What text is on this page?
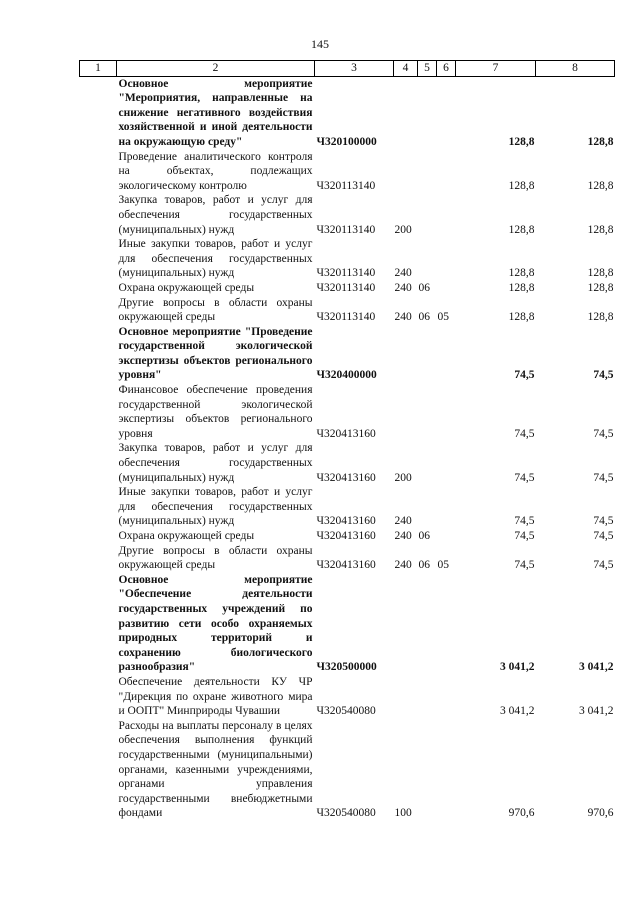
145
1	2	3	4	5	6	7	8
	Основное мероприятие "Мероприятия, направленные на снижение негативного воздействия хозяйственной и иной деятельности на окружающую среду"	Ч320100000				128,8	128,8
	Проведение аналитического контроля на объектах, подлежащих экологическому контролю	Ч320113140				128,8	128,8
	Закупка товаров, работ и услуг для обеспечения государственных (муниципальных) нужд	Ч320113140	200			128,8	128,8
	Иные закупки товаров, работ и услуг для обеспечения государственных (муниципальных) нужд	Ч320113140	240			128,8	128,8
	Охрана окружающей среды	Ч320113140	240	06		128,8	128,8
	Другие вопросы в области охраны окружающей среды	Ч320113140	240	06	05	128,8	128,8
	Основное мероприятие "Проведение государственной экологической экспертизы объектов регионального уровня"	Ч320400000				74,5	74,5
	Финансовое обеспечение проведения государственной экологической экспертизы объектов регионального уровня	Ч320413160				74,5	74,5
	Закупка товаров, работ и услуг для обеспечения государственных (муниципальных) нужд	Ч320413160	200			74,5	74,5
	Иные закупки товаров, работ и услуг для обеспечения государственных (муниципальных) нужд	Ч320413160	240			74,5	74,5
	Охрана окружающей среды	Ч320413160	240	06		74,5	74,5
	Другие вопросы в области охраны окружающей среды	Ч320413160	240	06	05	74,5	74,5
	Основное мероприятие "Обеспечение деятельности государственных учреждений по развитию сети особо охраняемых природных территорий и сохранению биологического разнообразия"	Ч320500000				3 041,2	3 041,2
	Обеспечение деятельности КУ ЧР "Дирекция по охране животного мира и ООПТ" Минприроды Чувашии	Ч320540080				3 041,2	3 041,2
	Расходы на выплаты персоналу в целях обеспечения выполнения функций государственными (муниципальными) органами, казенными учреждениями, органами управления государственными внебюджетными фондами	Ч320540080	100			970,6	970,6
